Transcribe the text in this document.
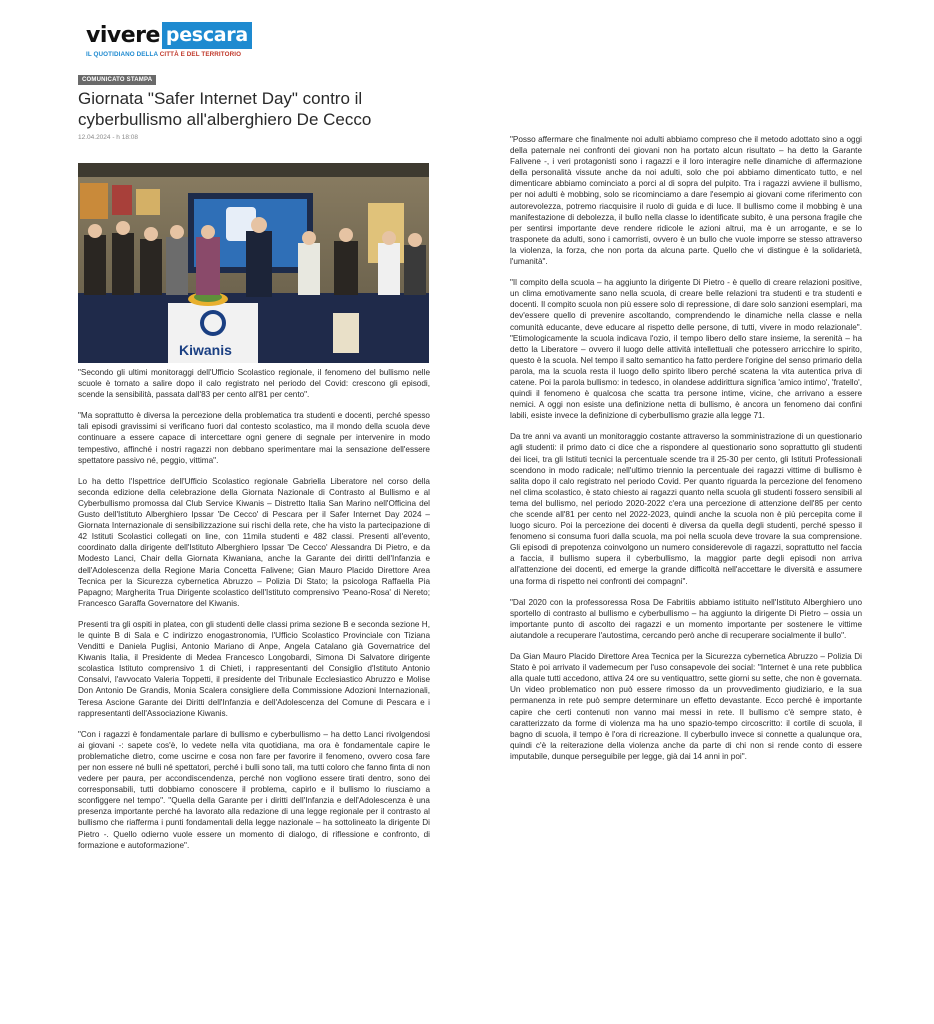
vivere pescara
IL QUOTIDIANO DELLA CITTÀ E DEL TERRITORIO
COMUNICATO STAMPA
Giornata "Safer Internet Day" contro il cyberbullismo all'alberghiero De Cecco
12.04.2024 - h 18:08
Kiwanis

"Secondo gli ultimi monitoraggi dell'Ufficio Scolastico regionale, il fenomeno del bullismo nelle scuole è tornato a salire dopo il calo registrato nel periodo del Covid: crescono gli episodi, scende la sensibilità, passata dall'83 per cento all'81 per cento".

"Ma soprattutto è diversa la percezione della problematica tra studenti e docenti, perché spesso tali episodi gravissimi si verificano fuori dal contesto scolastico, ma il mondo della scuola deve continuare a essere capace di intercettare ogni genere di segnale per intervenire in modo tempestivo, affinché i nostri ragazzi non debbano sperimentare mai la sensazione dell'essere spettatore passivo né, peggio, vittima".

Lo ha detto l'Ispettrice dell'Ufficio Scolastico regionale Gabriella Liberatore nel corso della seconda edizione della celebrazione della Giornata Nazionale di Contrasto al Bullismo e al Cyberbullismo promossa dal Club Service Kiwanis – Distretto Italia San Marino nell'Officina del Gusto dell'Istituto Alberghiero Ipssar 'De Cecco' di Pescara per il Safer Internet Day 2024 – Giornata Internazionale di sensibilizzazione sui rischi della rete, che ha visto la partecipazione di 42 Istituti Scolastici collegati on line, con 11mila studenti e 482 classi. Presenti all'evento, coordinato dalla dirigente dell'Istituto Alberghiero Ipssar 'De Cecco' Alessandra Di Pietro, e da Modesto Lanci, Chair della Giornata Kiwaniana, anche la Garante dei diritti dell'Infanzia e dell'Adolescenza della Regione Maria Concetta Falivene; Gian Mauro Placido Direttore Area Tecnica per la Sicurezza cybernetica Abruzzo – Polizia Di Stato; la psicologa Raffaella Pia Papagno; Margherita Trua Dirigente scolastico dell'Istituto comprensivo 'Peano-Rosa' di Nereto; Francesco Garaffa Governatore del Kiwanis.

Presenti tra gli ospiti in platea, con gli studenti delle classi prima sezione B e seconda sezione H, le quinte B di Sala e C indirizzo enogastronomia, l'Ufficio Scolastico Provinciale con Tiziana Venditti e Daniela Puglisi, Antonio Mariano di Anpe, Angela Catalano già Governatrice del Kiwanis Italia, il Presidente di Medea Francesco Longobardi, Simona Di Salvatore dirigente scolastica Istituto comprensivo 1 di Chieti, i rappresentanti del Consiglio d'Istituto Antonio Consalvi, l'avvocato Valeria Toppetti, il presidente del Tribunale Ecclesiastico Abruzzo e Molise Don Antonio De Grandis, Monia Scalera consigliere della Commissione Adozioni Internazionali, Teresa Ascione Garante dei Diritti dell'Infanzia e dell'Adolescenza del Comune di Pescara e i rappresentanti dell'Associazione Kiwanis.

"Con i ragazzi è fondamentale parlare di bullismo e cyberbullismo – ha detto Lanci rivolgendosi ai giovani -: sapete cos'è, lo vedete nella vita quotidiana, ma ora è fondamentale capire le problematiche dietro, come uscirne e cosa non fare per favorire il fenomeno, ovvero cosa fare per non essere né bulli né spettatori, perché i bulli sono tali, ma tutti coloro che fanno finta di non vedere per paura, per accondiscendenza, perché non vogliono essere tirati dentro, sono dei corresponsabili, tutti dobbiamo conoscere il problema, capirlo e il bullismo lo riusciamo a sconfiggere nel tempo". "Quella della Garante per i diritti dell'Infanzia e dell'Adolescenza è una presenza importante perché ha lavorato alla redazione di una legge regionale per il contrasto al bullismo che riafferma i punti fondamentali della legge nazionale – ha sottolineato la dirigente Di Pietro -. Quello odierno vuole essere un momento di dialogo, di riflessione e confronto, di formazione e autoformazione".

"Posso affermare che finalmente noi adulti abbiamo compreso che il metodo adottato sino a oggi della paternale nei confronti dei giovani non ha portato alcun risultato – ha detto la Garante Falivene -, i veri protagonisti sono i ragazzi e il loro interagire nelle dinamiche di affermazione della personalità vissute anche da noi adulti, solo che poi abbiamo dimenticato tutto, e nel dimenticare abbiamo cominciato a porci al di sopra del pulpito. Tra i ragazzi avviene il bullismo, per noi adulti è mobbing, solo se ricominciamo a dare l'esempio ai giovani come riferimento con autorevolezza, potremo riacquisire il ruolo di guida e di luce. Il bullismo come il mobbing è una manifestazione di debolezza, il bullo nella classe lo identificate subito, è una persona fragile che per sentirsi importante deve rendere ridicole le azioni altrui, ma è un arrogante, e se lo trasponete da adulti, sono i camorristi, ovvero è un bullo che vuole imporre se stesso attraverso la violenza, la forza, che non porta da alcuna parte. Quello che vi distingue è la solidarietà, l'umanità".

"Il compito della scuola – ha aggiunto la dirigente Di Pietro - è quello di creare relazioni positive, un clima emotivamente sano nella scuola, di creare belle relazioni tra studenti e tra studenti e docenti. Il compito scuola non più essere solo di repressione, di dare solo sanzioni esemplari, ma dev'essere quello di prevenire ascoltando, comprendendo le dinamiche nella classe e nella comunità educante, deve educare al rispetto delle persone, di tutti, vivere in modo relazionale". "Etimologicamente la scuola indicava l'ozio, il tempo libero dello stare insieme, la serenità – ha detto la Liberatore – ovvero il luogo delle attività intellettuali che potessero arricchire lo spirito, questo è la scuola. Nel tempo il salto semantico ha fatto perdere l'origine del senso primario della parola, ma la scuola resta il luogo dello spirito libero perché scatena la vita autentica priva di catene. Poi la parola bullismo: in tedesco, in olandese addirittura significa 'amico intimo', 'fratello', quindi il fenomeno è qualcosa che scatta tra persone intime, vicine, che arrivano a essere nemici. A oggi non esiste una definizione netta di bullismo, è ancora un fenomeno dai confini labili, esiste invece la definizione di cyberbullismo grazie alla legge 71.

Da tre anni va avanti un monitoraggio costante attraverso la somministrazione di un questionario agli studenti: il primo dato ci dice che a rispondere al questionario sono soprattutto gli studenti dei licei, tra gli Istituti tecnici la percentuale scende tra il 25-30 per cento, gli Istituti Professionali scendono in modo radicale; nell'ultimo triennio la percentuale dei ragazzi vittime di bullismo è salita dopo il calo registrato nel periodo Covid. Per quanto riguarda la percezione del fenomeno nel clima scolastico, è stato chiesto ai ragazzi quanto nella scuola gli studenti fossero sensibili al tema del bullismo, nel periodo 2020-2022 c'era una percezione di attenzione dell'85 per cento che scende all'81 per cento nel 2022-2023, quindi anche la scuola non è più percepita come il luogo sicuro. Poi la percezione dei docenti è diversa da quella degli studenti, perché spesso il fenomeno si consuma fuori dalla scuola, ma poi nella scuola deve trovare la sua comprensione. Gli episodi di prepotenza coinvolgono un numero considerevole di ragazzi, soprattutto nel faccia a faccia, il bullismo supera il cyberbullismo, la maggior parte degli episodi non arriva all'attenzione dei docenti, ed emerge la grande difficoltà nell'accettare le diversità e assumere una forma di rispetto nei confronti dei compagni".

"Dal 2020 con la professoressa Rosa De Fabritiis abbiamo istituito nell'Istituto Alberghiero uno sportello di contrasto al bullismo e cyberbullismo – ha aggiunto la dirigente Di Pietro – ossia un importante punto di ascolto dei ragazzi e un momento importante per sostenere le vittime aiutandole a recuperare l'autostima, cercando però anche di recuperare socialmente il bullo".

Da Gian Mauro Placido Direttore Area Tecnica per la Sicurezza cybernetica Abruzzo – Polizia Di Stato è poi arrivato il vademecum per l'uso consapevole dei social: "Internet è una rete pubblica alla quale tutti accedono, attiva 24 ore su ventiquattro, sette giorni su sette, che non è governata. Un video problematico non può essere rimosso da un provvedimento giudiziario, e la sua permanenza in rete può sempre determinare un effetto devastante. Ecco perché è importante capire che certi contenuti non vanno mai messi in rete. Il bullismo c'è sempre stato, è caratterizzato da forme di violenza ma ha uno spazio-tempo circoscritto: il cortile di scuola, il bagno di scuola, il tempo è l'ora di ricreazione. Il cyberbullo invece si connette a qualunque ora, quindi c'è la reiterazione della violenza anche da parte di chi non si rende conto di essere imputabile, dunque perseguibile per legge, già dai 14 anni in poi".
